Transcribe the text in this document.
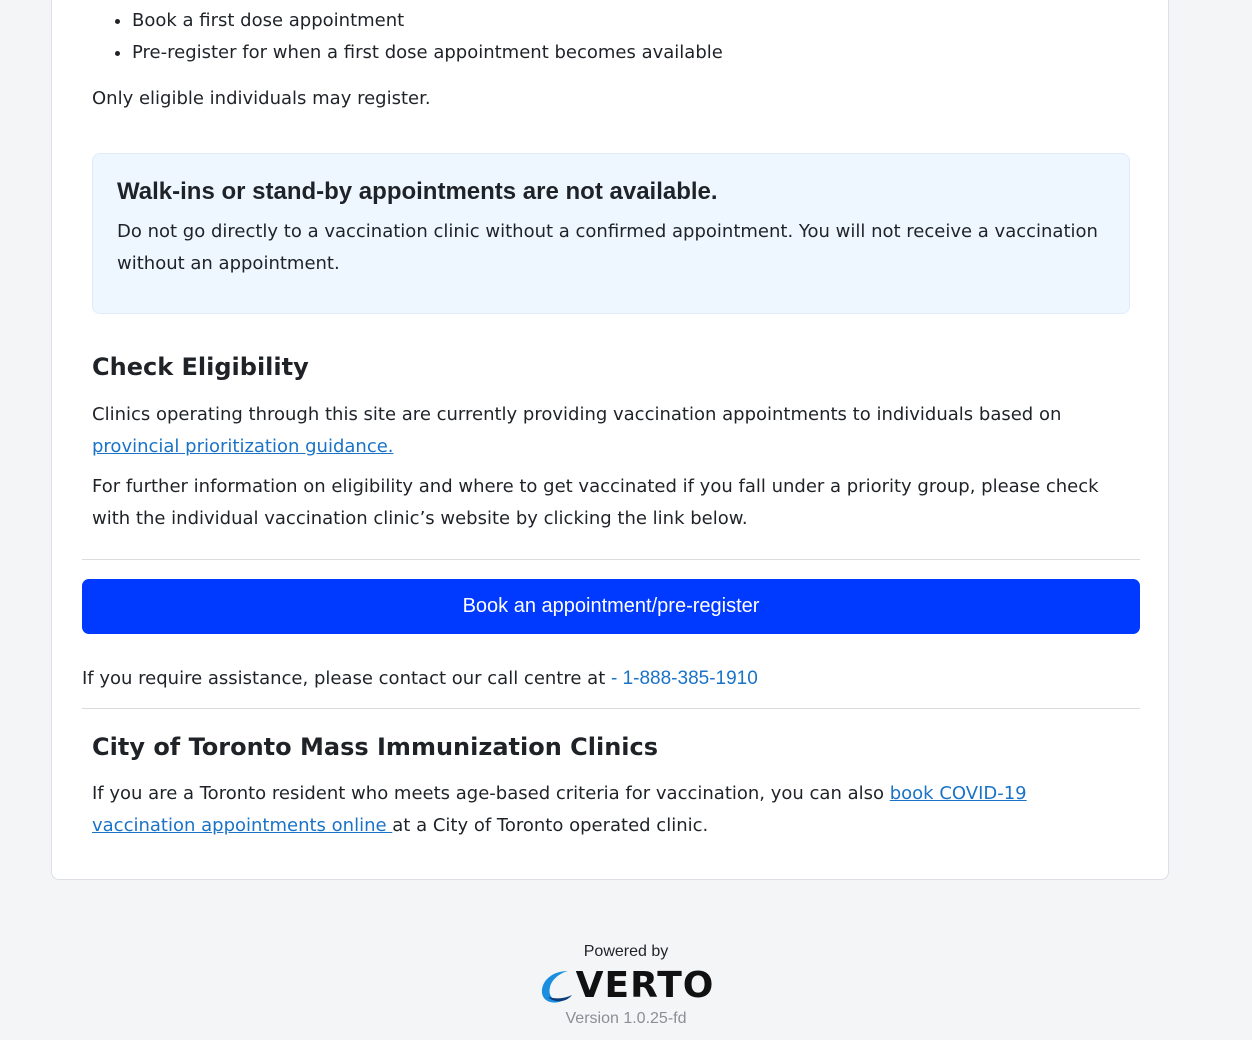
• Book a first dose appointment
• Pre-register for when a first dose appointment becomes available

Only eligible individuals may register.

Walk-ins or stand-by appointments are not available.

Do not go directly to a vaccination clinic without a confirmed appointment. You will not receive a vaccination without an appointment.

Check Eligibility

Clinics operating through this site are currently providing vaccination appointments to individuals based on provincial prioritization guidance.

For further information on eligibility and where to get vaccinated if you fall under a priority group, please check with the individual vaccination clinic’s website by clicking the link below.

Book an appointment/pre-register
If you require assistance, please contact our call centre at - 1-888-385-1910
City of Toronto Mass Immunization Clinics

If you are a Toronto resident who meets age-based criteria for vaccination, you can also book COVID-19 vaccination appointments online at a City of Toronto operated clinic.

Powered by
VERTO
Version 1.0.25-fd
